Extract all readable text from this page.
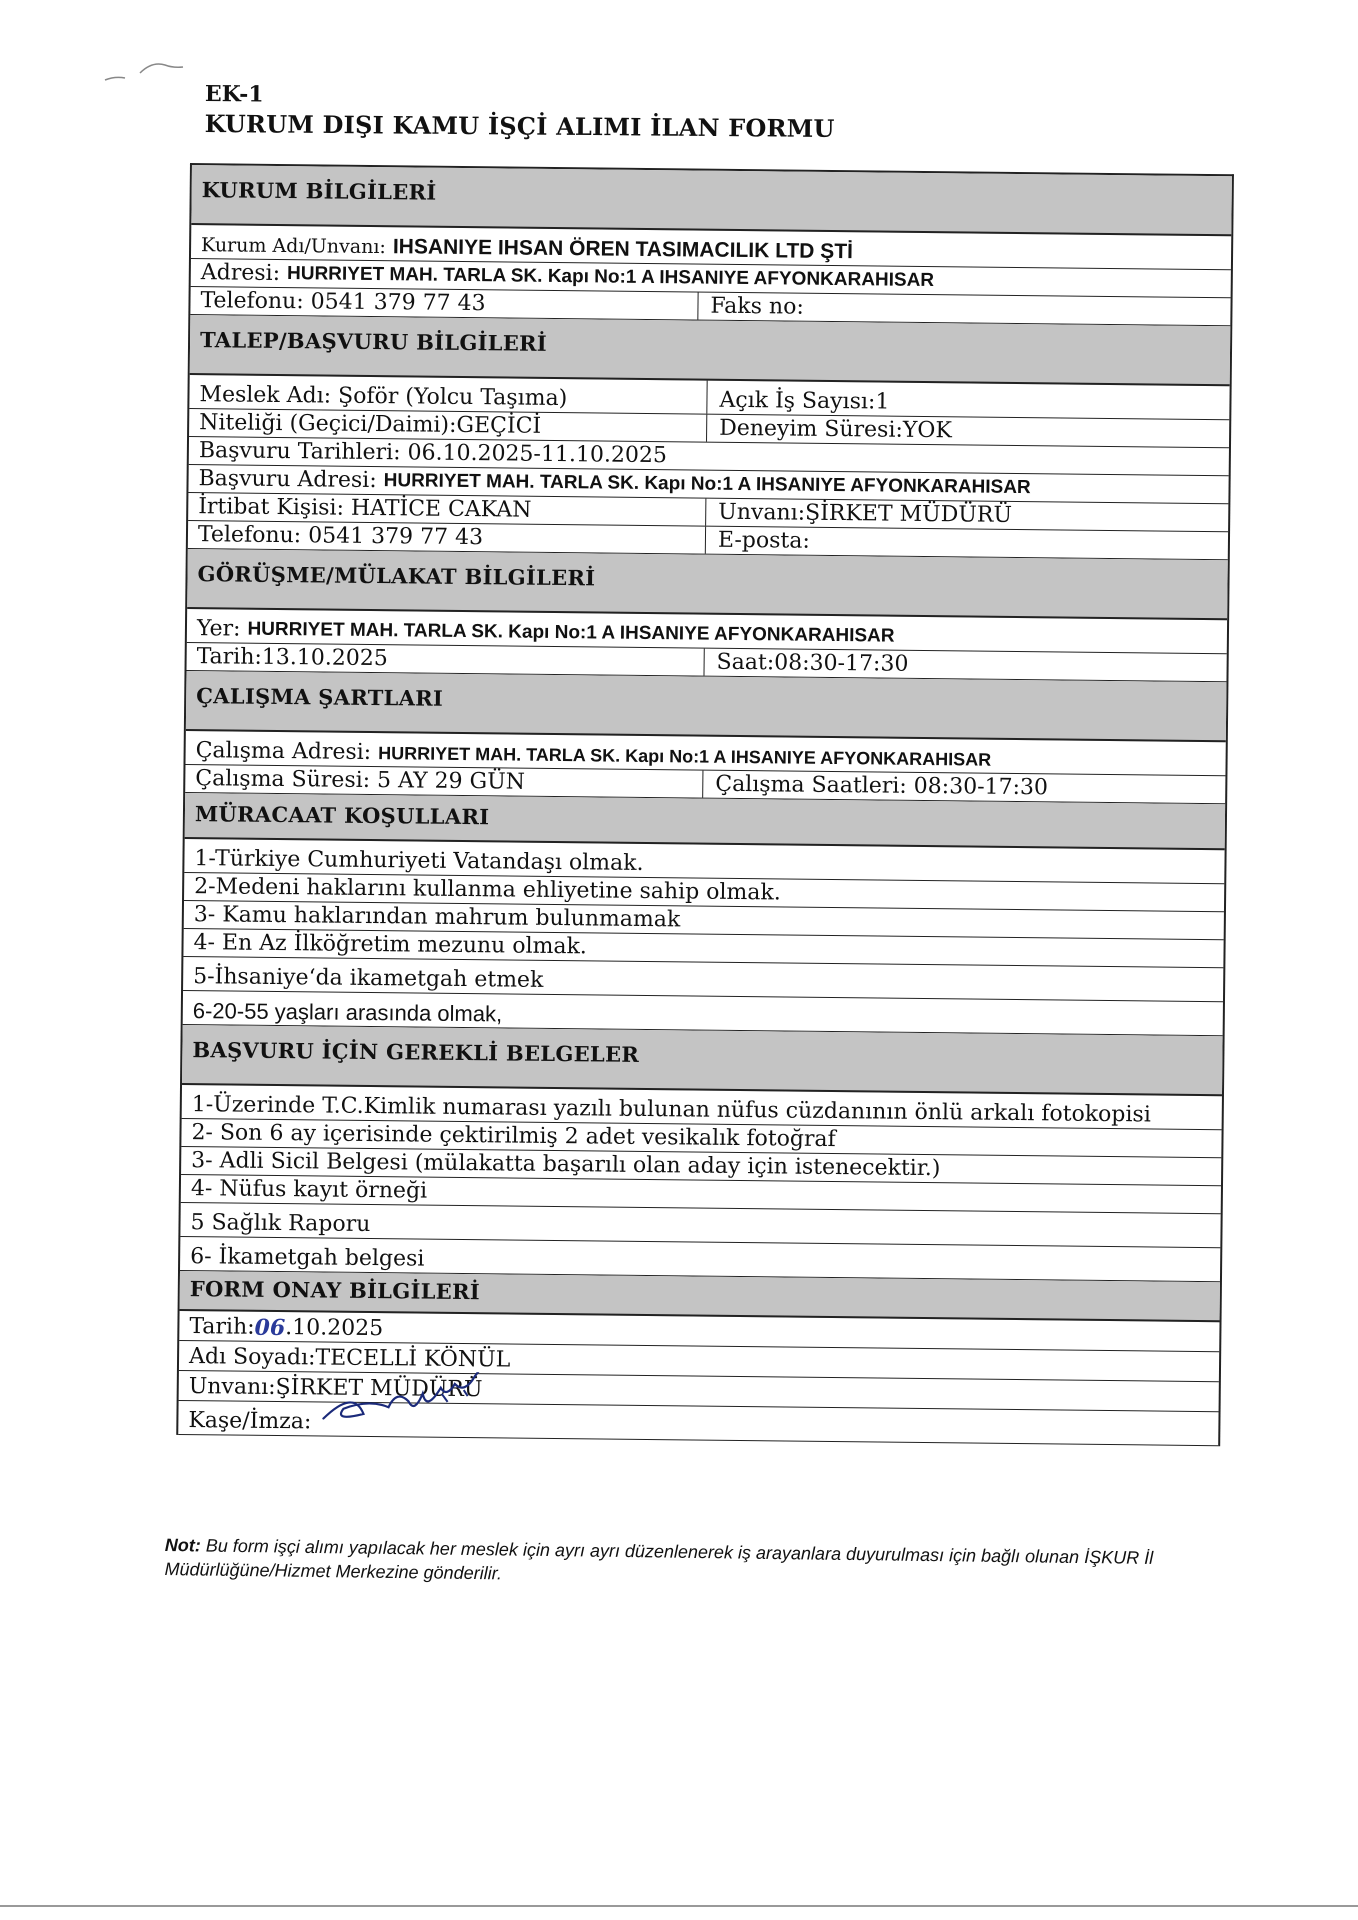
EK-1
KURUM DIŞI KAMU İŞÇİ ALIMI İLAN FORMU
KURUM BİLGİLERİ
Kurum Adı/Unvanı:
IHSANIYE IHSAN ÖREN TASIMACILIK LTD ŞTİ
Adresi:
HURRIYET MAH. TARLA SK. Kapı No:1 A IHSANIYE AFYONKARAHISAR
Telefonu: 0541 379 77 43	Faks no:
TALEP/BAŞVURU BİLGİLERİ
Meslek Adı: Şoför (Yolcu Taşıma)	Açık İş Sayısı:1
Niteliği (Geçici/Daimi):GEÇİCİ	Deneyim Süresi:YOK
Başvuru Tarihleri: 06.10.2025-11.10.2025
Başvuru Adresi:
HURRIYET MAH. TARLA SK. Kapı No:1 A IHSANIYE AFYONKARAHISAR
İrtibat Kişisi: HATİCE CAKAN	Unvanı:ŞİRKET MÜDÜRÜ
Telefonu: 0541 379 77 43	E-posta:
GÖRÜŞME/MÜLAKAT BİLGİLERİ
Yer:
HURRIYET MAH. TARLA SK. Kapı No:1 A IHSANIYE AFYONKARAHISAR
Tarih:13.10.2025	Saat:08:30-17:30
ÇALIŞMA ŞARTLARI
Çalışma Adresi:
HURRIYET MAH. TARLA SK. Kapı No:1 A IHSANIYE AFYONKARAHISAR
Çalışma Süresi: 5 AY 29 GÜN	Çalışma Saatleri: 08:30-17:30
MÜRACAAT KOŞULLARI
1-Türkiye Cumhuriyeti Vatandaşı olmak.
2-Medeni haklarını kullanma ehliyetine sahip olmak.
3- Kamu haklarından mahrum bulunmamak
4- En Az İlköğretim mezunu olmak.
5-İhsaniye‘da ikametgah etmek
6-20-55 yaşları arasında olmak,
BAŞVURU İÇİN GEREKLİ BELGELER
1-Üzerinde T.C.Kimlik numarası yazılı bulunan nüfus cüzdanının önlü arkalı fotokopisi
2- Son 6 ay içerisinde çektirilmiş 2 adet vesikalık fotoğraf
3- Adli Sicil Belgesi (mülakatta başarılı olan aday için istenecektir.)
4- Nüfus kayıt örneği
5 Sağlık Raporu
6- İkametgah belgesi
FORM ONAY BİLGİLERİ
Tarih: 06 .10.2025
Adı Soyadı:TECELLİ KÖNÜL
Unvanı:ŞİRKET MÜDÜRÜ
Kaşe/İmza:
Not: Bu form işçi alımı yapılacak her meslek için ayrı ayrı düzenlenerek iş arayanlara duyurulması için bağlı olunan İŞKUR İl Müdürlüğüne/Hizmet Merkezine gönderilir.
